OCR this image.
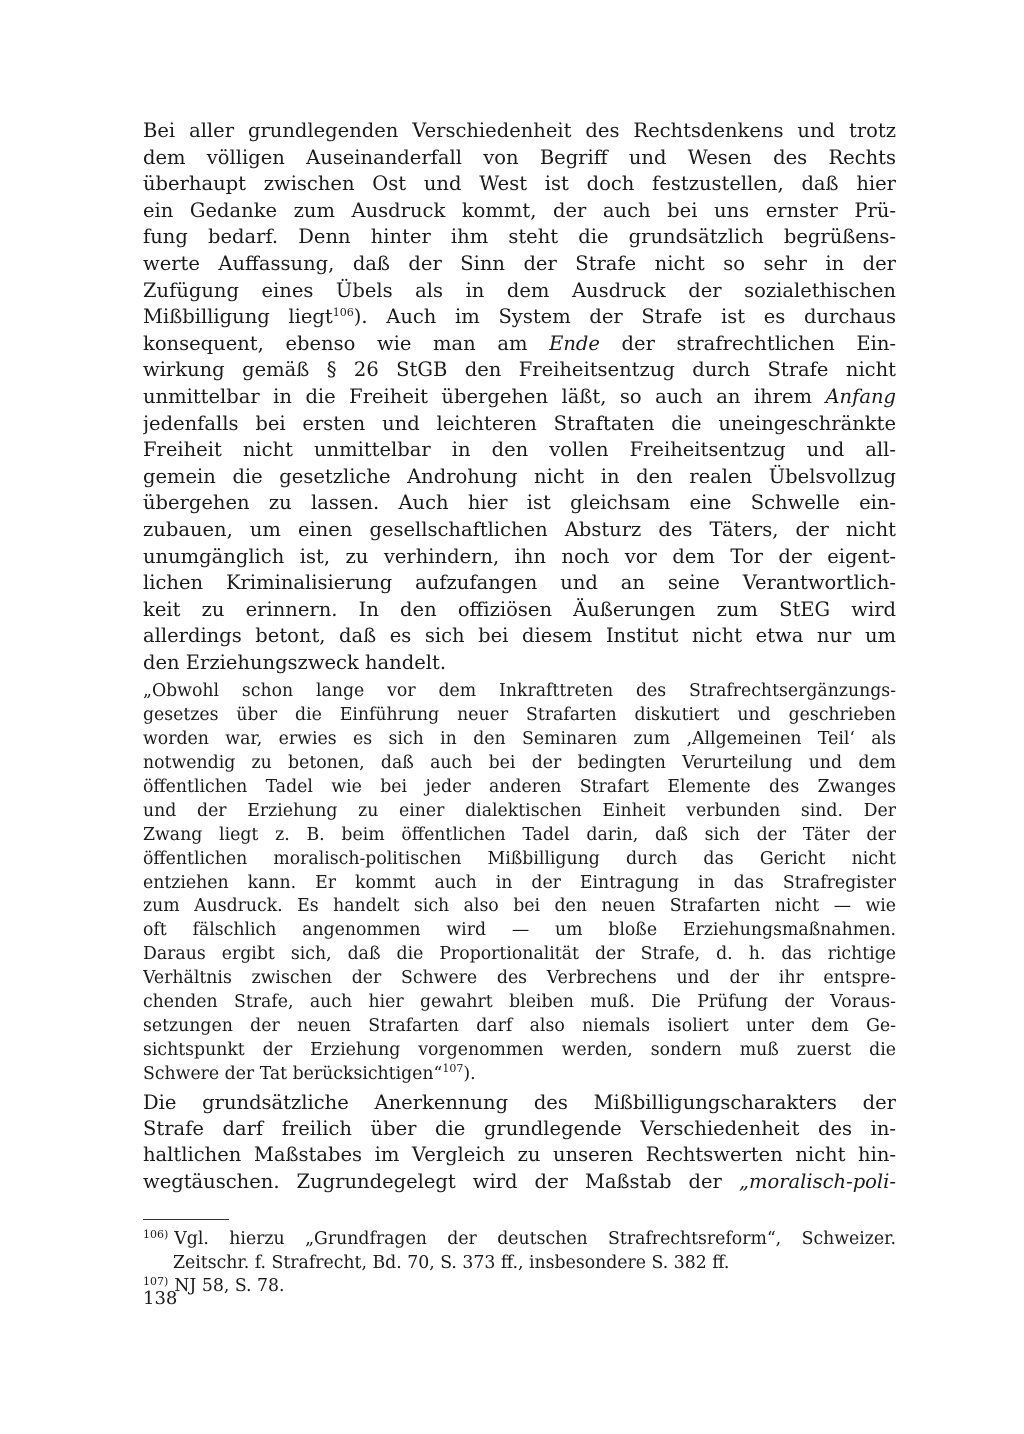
Bei aller grundlegenden Verschiedenheit des Rechtsdenkens und trotz
dem völligen Auseinanderfall von Begriff und Wesen des Rechts
überhaupt zwischen Ost und West ist doch festzustellen, daß hier
ein Gedanke zum Ausdruck kommt, der auch bei uns ernster Prü-
fung bedarf. Denn hinter ihm steht die grundsätzlich begrüßens-
werte Auffassung, daß der Sinn der Strafe nicht so sehr in der
Zufügung eines Übels als in dem Ausdruck der sozialethischen
Mißbilligung liegt$^{106}$). Auch im System der Strafe ist es durchaus
konsequent, ebenso wie man am Ende der strafrechtlichen Ein-
wirkung gemäß § 26 StGB den Freiheitsentzug durch Strafe nicht
unmittelbar in die Freiheit übergehen läßt, so auch an ihrem Anfang
jedenfalls bei ersten und leichteren Straftaten die uneingeschränkte
Freiheit nicht unmittelbar in den vollen Freiheitsentzug und all-
gemein die gesetzliche Androhung nicht in den realen Übelsvollzug
übergehen zu lassen. Auch hier ist gleichsam eine Schwelle ein-
zubauen, um einen gesellschaftlichen Absturz des Täters, der nicht
unumgänglich ist, zu verhindern, ihn noch vor dem Tor der eigent-
lichen Kriminalisierung aufzufangen und an seine Verantwortlich-
keit zu erinnern. In den offiziösen Äußerungen zum StEG wird
allerdings betont, daß es sich bei diesem Institut nicht etwa nur um
den Erziehungszweck handelt.
„Obwohl schon lange vor dem Inkrafttreten des Strafrechtsergänzungs-
gesetzes über die Einführung neuer Strafarten diskutiert und geschrieben
worden war, erwies es sich in den Seminaren zum ‚Allgemeinen Teil‘ als
notwendig zu betonen, daß auch bei der bedingten Verurteilung und dem
öffentlichen Tadel wie bei jeder anderen Strafart Elemente des Zwanges
und der Erziehung zu einer dialektischen Einheit verbunden sind. Der
Zwang liegt z. B. beim öffentlichen Tadel darin, daß sich der Täter der
öffentlichen moralisch-politischen Mißbilligung durch das Gericht nicht
entziehen kann. Er kommt auch in der Eintragung in das Strafregister
zum Ausdruck. Es handelt sich also bei den neuen Strafarten nicht — wie
oft fälschlich angenommen wird — um bloße Erziehungsmaßnahmen.
Daraus ergibt sich, daß die Proportionalität der Strafe, d. h. das richtige
Verhältnis zwischen der Schwere des Verbrechens und der ihr entspre-
chenden Strafe, auch hier gewahrt bleiben muß. Die Prüfung der Voraus-
setzungen der neuen Strafarten darf also niemals isoliert unter dem Ge-
sichtspunkt der Erziehung vorgenommen werden, sondern muß zuerst die
Schwere der Tat berücksichtigen“$^{107}$).
Die grundsätzliche Anerkennung des Mißbilligungscharakters der
Strafe darf freilich über die grundlegende Verschiedenheit des in-
haltlichen Maßstabes im Vergleich zu unseren Rechtswerten nicht hin-
wegtäuschen. Zugrundegelegt wird der Maßstab der „moralisch-poli-
$^{106)}$ Vgl. hierzu „Grundfragen der deutschen Strafrechtsreform“, Schweizer.
Zeitschr. f. Strafrecht, Bd. 70, S. 373 ff., insbesondere S. 382 ff.
$^{107)}$ NJ 58, S. 78.
138
